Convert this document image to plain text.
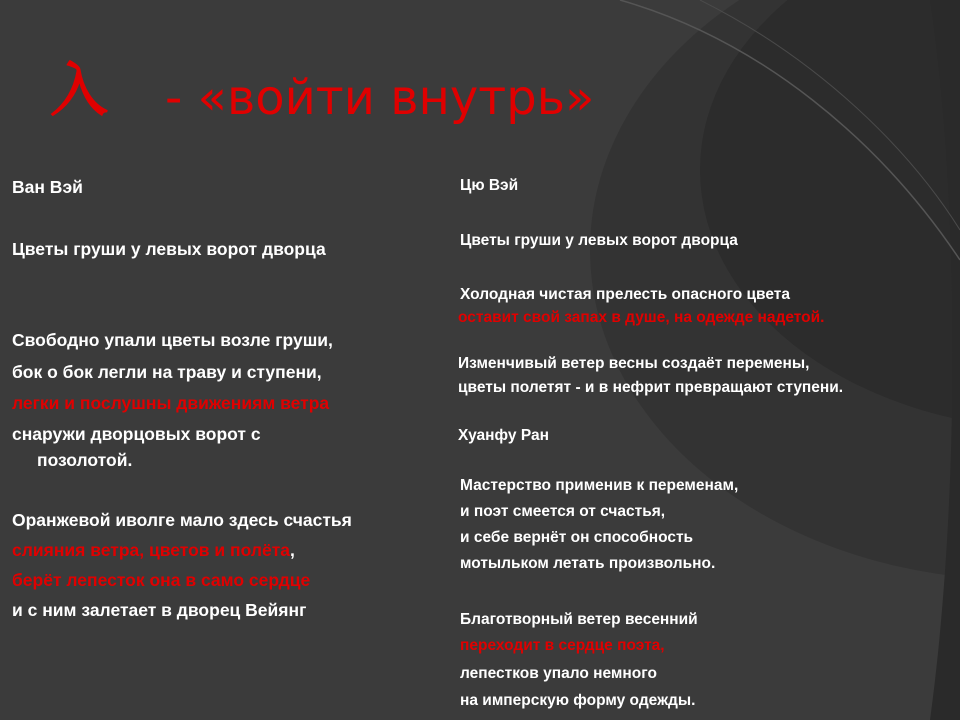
入 - «войти внутрь»
Ван Вэй
Цветы груши у левых ворот дворца
Свободно упали цветы возле груши,
бок о бок легли на траву и ступени,
легки и послушны движениям ветра
снаружи дворцовых ворот с
позолотой.
Оранжевой иволге мало здесь счастья
слияния ветра, цветов и полёта,
берёт лепесток она в само сердце
и с ним залетает в дворец Вейянг
Цю Вэй
Цветы груши у левых ворот дворца
Холодная чистая прелесть опасного цвета
оставит свой запах в душе, на одежде надетой.
Изменчивый ветер весны создаёт перемены,
цветы полетят - и в нефрит превращают ступени.
Хуанфу Ран
Мастерство применив к переменам,
и поэт смеется от счастья,
и себе вернёт он способность
мотыльком летать произвольно.
Благотворный ветер весенний
переходит в сердце поэта,
лепестков упало немного
на имперскую форму одежды.
